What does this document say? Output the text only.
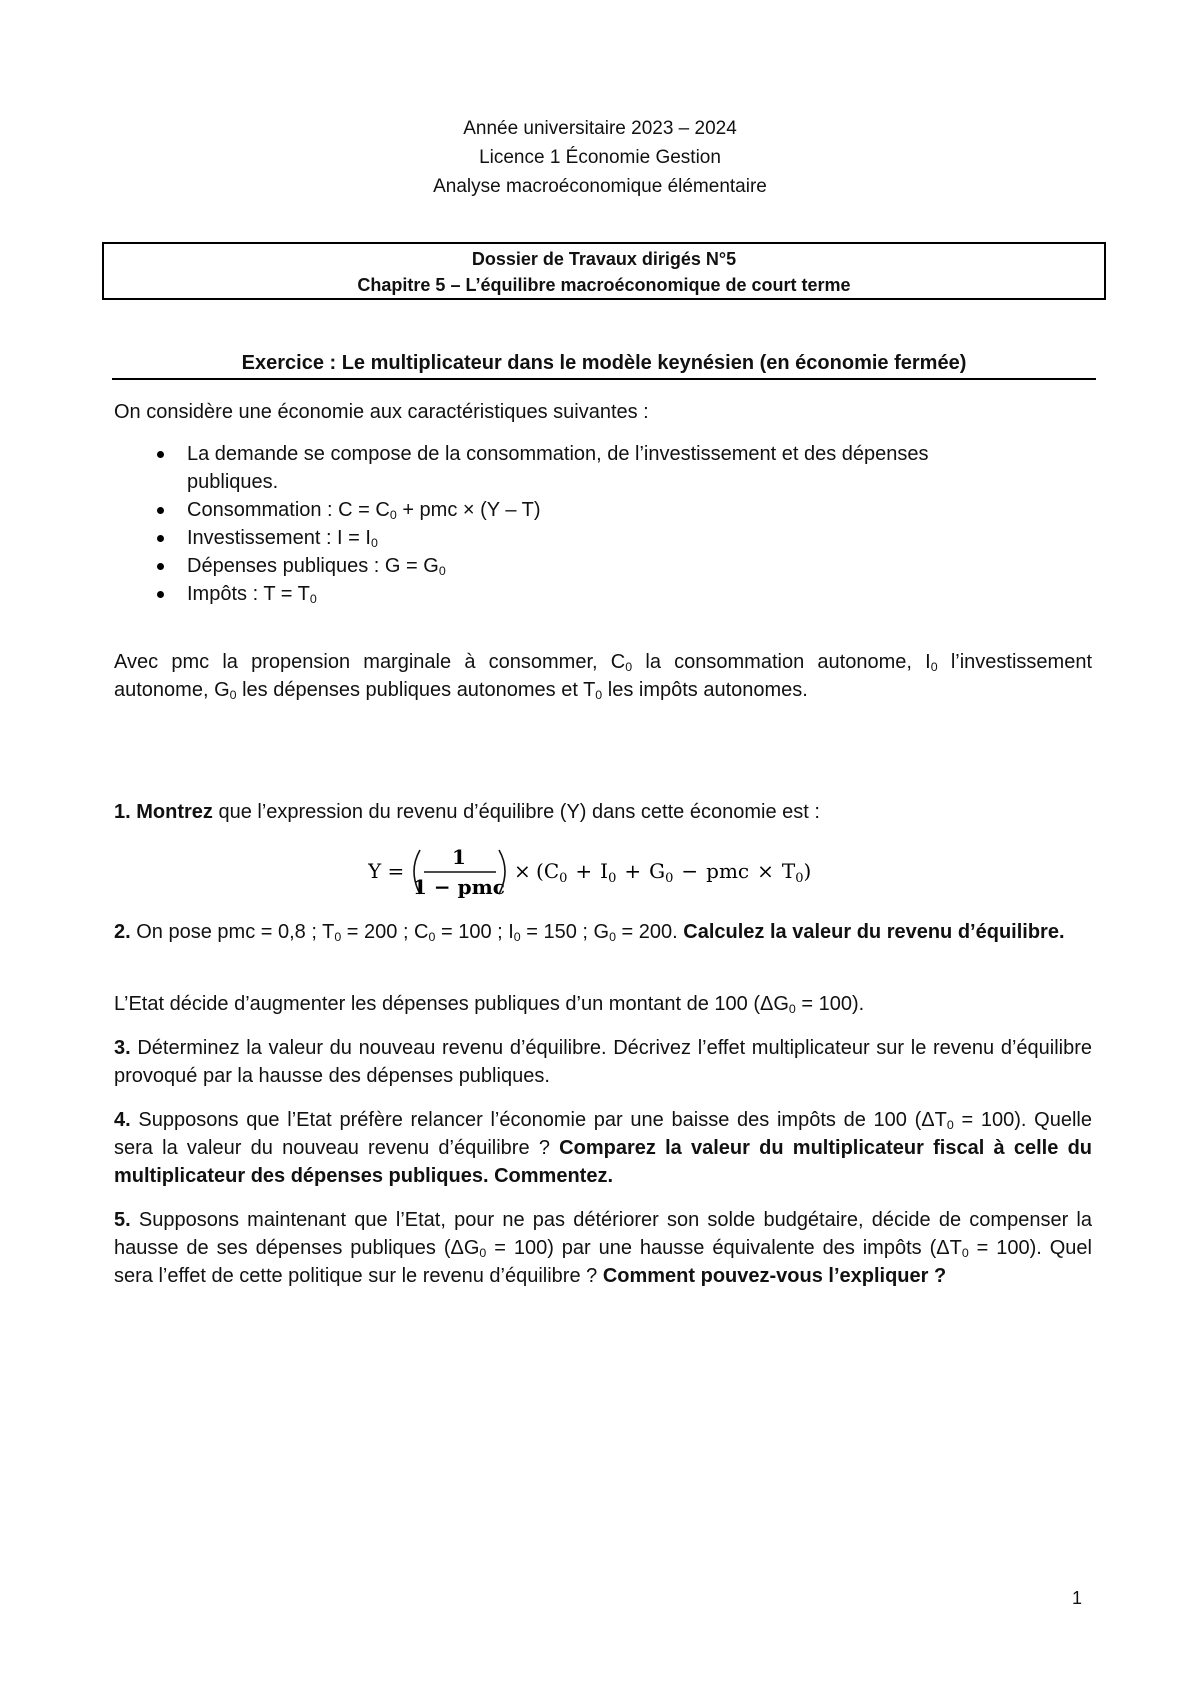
Année universitaire 2023 – 2024
Licence 1 Économie Gestion
Analyse macroéconomique élémentaire
Dossier de Travaux dirigés N°5
Chapitre 5 – L’équilibre macroéconomique de court terme
Exercice : Le multiplicateur dans le modèle keynésien (en économie fermée)
On considère une économie aux caractéristiques suivantes :
La demande se compose de la consommation, de l’investissement et des dépenses publiques.
Consommation : $C = C_0$ + pmc × (Y – T)
Investissement : $I = I_0$
Dépenses publiques : $G = G_0$
Impôts : $T = T_0$
Avec pmc la propension marginale à consommer, $C_0$ la consommation autonome, $I_0$ l’investissement autonome, $G_0$ les dépenses publiques autonomes et $T_0$ les impôts autonomes.
1. Montrez que l’expression du revenu d’équilibre (Y) dans cette économie est :
Y =
1
1 − pmc
× ($C_0 + I_0 + G_0$ − pmc × $T_0$)
2. On pose pmc = 0,8 ; $T_0 = 200$ ; $C_0 = 100$ ; $I_0 = 150$ ; $G_0 = 200$. Calculez la valeur du revenu d’équilibre.
L’Etat décide d’augmenter les dépenses publiques d’un montant de 100 $(\Delta G_0 = 100)$.
3. Déterminez la valeur du nouveau revenu d’équilibre. Décrivez l’effet multiplicateur sur le revenu d’équilibre provoqué par la hausse des dépenses publiques.
4. Supposons que l’Etat préfère relancer l’économie par une baisse des impôts de 100 $(\Delta T_0 = 100)$. Quelle sera la valeur du nouveau revenu d’équilibre ? Comparez la valeur du multiplicateur fiscal à celle du multiplicateur des dépenses publiques. Commentez.
5. Supposons maintenant que l’Etat, pour ne pas détériorer son solde budgétaire, décide de compenser la hausse de ses dépenses publiques $(\Delta G_0 = 100)$ par une hausse équivalente des impôts $(\Delta T_0 = 100)$. Quel sera l’effet de cette politique sur le revenu d’équilibre ? Comment pouvez-vous l’expliquer ?
1
